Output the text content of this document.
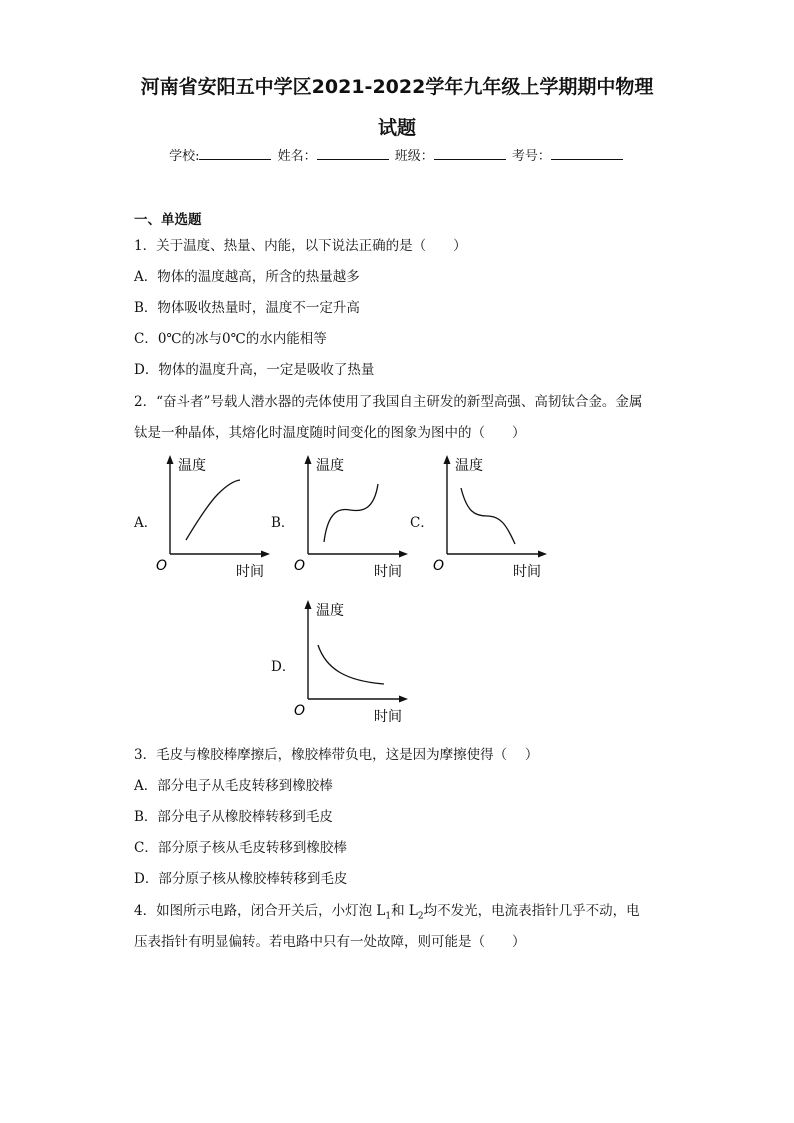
河南省安阳五中学区2021-2022学年九年级上学期期中物理
试题
学校:	姓名：	班级：	考号：
一、单选题
1．关于温度、热量、内能，以下说法正确的是（　　）
A．物体的温度越高，所含的热量越多
B．物体吸收热量时，温度不一定升高
C．0℃的冰与0℃的水内能相等
D．物体的温度升高，一定是吸收了热量
2．“奋斗者”号载人潜水器的壳体使用了我国自主研发的新型高强、高韧钛合金。金属
钛是一种晶体，其熔化时温度随时间变化的图象为图中的（　　）
A．
温度
时间
O
B．
温度
时间
O
C．
温度
时间
O
D．
温度
时间
O
3．毛皮与橡胶棒摩擦后，橡胶棒带负电，这是因为摩擦使得（　 ）
A．部分电子从毛皮转移到橡胶棒
B．部分电子从橡胶棒转移到毛皮
C．部分原子核从毛皮转移到橡胶棒
D．部分原子核从橡胶棒转移到毛皮
4．如图所示电路，闭合开关后，小灯泡 $L_1$和 $L_2$均不发光，电流表指针几乎不动，电
压表指针有明显偏转。若电路中只有一处故障，则可能是（　　）
